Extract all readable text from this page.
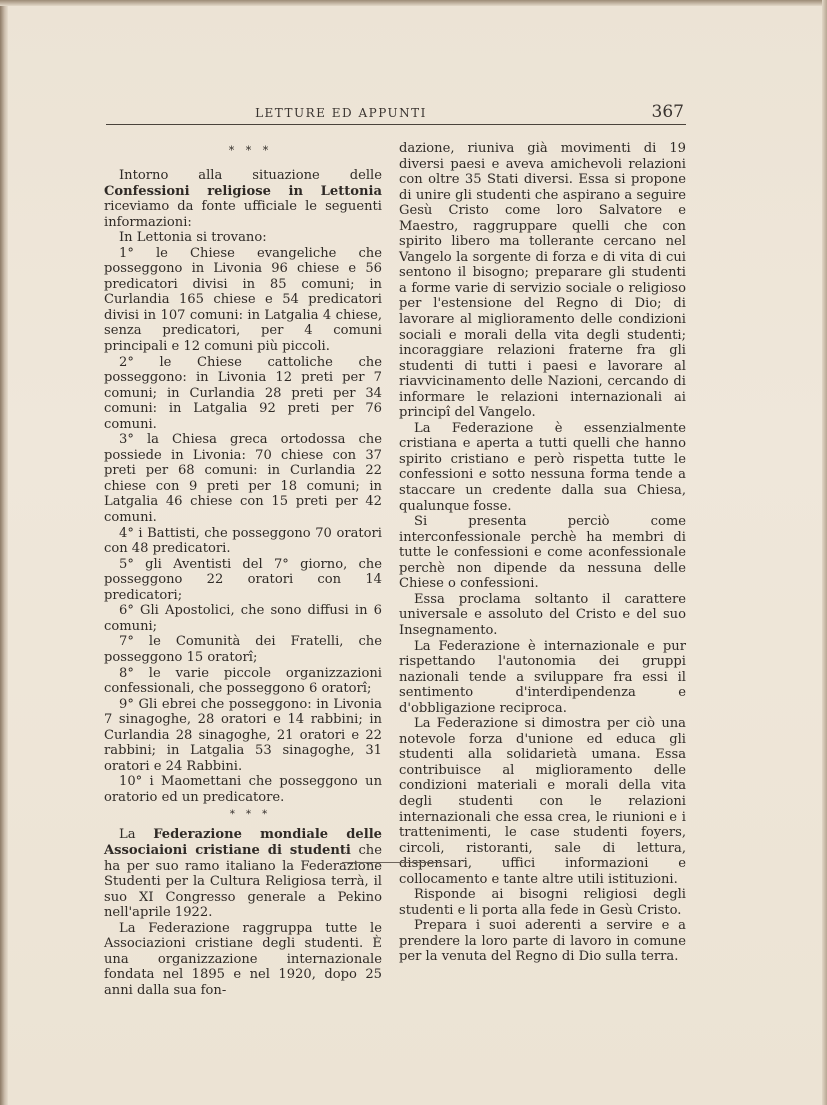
LETTURE ED APPUNTI	367

* * *

Intorno alla situazione delle Confessioni religiose in Lettonia riceviamo da fonte ufficiale le seguenti informazioni:

In Lettonia si trovano:

1° le Chiese evangeliche che posseggono in Livonia 96 chiese e 56 predicatori divisi in 85 comuni; in Curlandia 165 chiese e 54 predicatori divisi in 107 comuni: in Latgalia 4 chiese, senza predicatori, per 4 comuni principali e 12 comuni più piccoli.

2° le Chiese cattoliche che posseggono: in Livonia 12 preti per 7 comuni; in Curlandia 28 preti per 34 comuni: in Latgalia 92 preti per 76 comuni.

3° la Chiesa greca ortodossa che possiede in Livonia: 70 chiese con 37 preti per 68 comuni: in Curlandia 22 chiese con 9 preti per 18 comuni; in Latgalia 46 chiese con 15 preti per 42 comuni.

4° i Battisti, che posseggono 70 oratori con 48 predicatori.

5° gli Aventisti del 7° giorno, che posseggono 22 oratori con 14 predicatori;

6° Gli Apostolici, che sono diffusi in 6 comuni;

7° le Comunità dei Fratelli, che posseggono 15 oratorî;

8° le varie piccole organizzazioni confessionali, che posseggono 6 oratorî;

9° Gli ebrei che posseggono: in Livonia 7 sinagoghe, 28 oratori e 14 rabbini; in Curlandia 28 sinagoghe, 21 oratori e 22 rabbini; in Latgalia 53 sinagoghe, 31 oratori e 24 Rabbini.

10° i Maomettani che posseggono un oratorio ed un predicatore.

* * *

La Federazione mondiale delle Associaioni cristiane di studenti che ha per suo ramo italiano la Federazione Studenti per la Cultura Religiosa terrà, il suo XI Congresso generale a Pekino nell'aprile 1922.

La Federazione raggruppa tutte le Associazioni cristiane degli studenti. È una organizzazione internazionale fondata nel 1895 e nel 1920, dopo 25 anni dalla sua fon-

dazione, riuniva già movimenti di 19 diversi paesi e aveva amichevoli relazioni con oltre 35 Stati diversi. Essa si propone di unire gli studenti che aspirano a seguire Gesù Cristo come loro Salvatore e Maestro, raggruppare quelli che con spirito libero ma tollerante cercano nel Vangelo la sorgente di forza e di vita di cui sentono il bisogno; preparare gli studenti a forme varie di servizio sociale o religioso per l'estensione del Regno di Dio; di lavorare al miglioramento delle condizioni sociali e morali della vita degli studenti; incoraggiare relazioni fraterne fra gli studenti di tutti i paesi e lavorare al riavvicinamento delle Nazioni, cercando di informare le relazioni internazionali ai principî del Vangelo.

La Federazione è essenzialmente cristiana e aperta a tutti quelli che hanno spirito cristiano e però rispetta tutte le confessioni e sotto nessuna forma tende a staccare un credente dalla sua Chiesa, qualunque fosse.

Si presenta perciò come interconfessionale perchè ha membri di tutte le confessioni e come aconfessionale perchè non dipende da nessuna delle Chiese o confessioni.

Essa proclama soltanto il carattere universale e assoluto del Cristo e del suo Insegnamento.

La Federazione è internazionale e pur rispettando l'autonomia dei gruppi nazionali tende a sviluppare fra essi il sentimento d'interdipendenza e d'obbligazione reciproca.

La Federazione si dimostra per ciò una notevole forza d'unione ed educa gli studenti alla solidarietà umana. Essa contribuisce al miglioramento delle condizioni materiali e morali della vita degli studenti con le relazioni internazionali che essa crea, le riunioni e i trattenimenti, le case studenti foyers, circoli, ristoranti, sale di lettura, dispensari, uffici informazioni e collocamento e tante altre utili istituzioni.

Risponde ai bisogni religiosi degli studenti e li porta alla fede in Gesù Cristo.

Prepara i suoi aderenti a servire e a prendere la loro parte di lavoro in comune per la venuta del Regno di Dio sulla terra.
